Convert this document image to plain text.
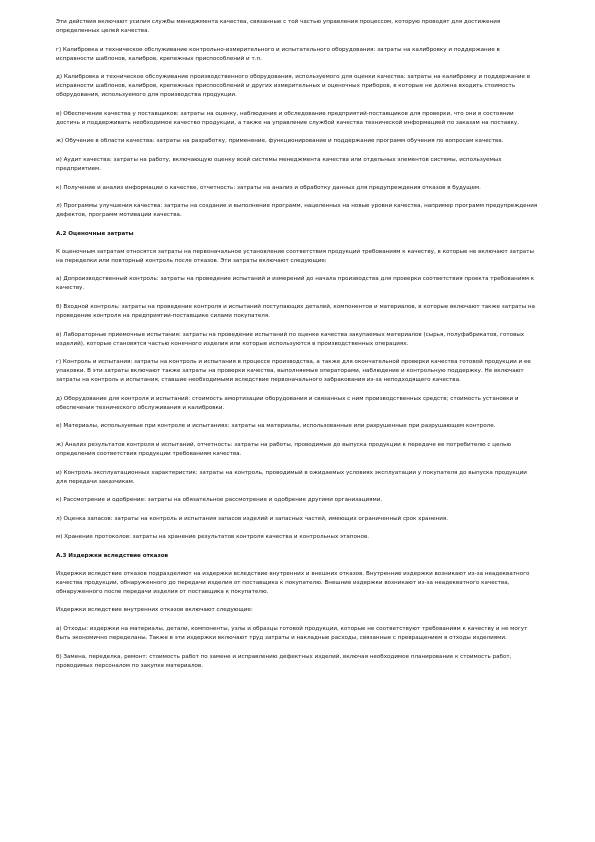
Эти действия включают усилия службы менеджмента качества, связанные с той частью управления процессом, которую проводят для достижения определенных целей качества.

г) Калибровка и техническое обслуживание контрольно-измерительного и испытательного оборудования: затраты на калибровку и поддержание в исправности шаблонов, калибров, крепежных приспособлений и т.п.

д) Калибровка и техническое обслуживание производственного оборудования, используемого для оценки качества: затраты на калибровку и поддержание в исправности шаблонов, калибров, крепежных приспособлений и других измерительных и оценочных приборов, в которые не должна входить стоимость оборудования, используемого для производства продукции.

е) Обеспечение качества у поставщиков: затраты на оценку, наблюдение и обследование предприятий-поставщиков для проверки, что они в состоянии достичь и поддерживать необходимое качество продукции, а также на управление службой качества технической информацией по заказам на поставку.

ж) Обучение в области качества: затраты на разработку, применение, функционирование и поддержание программ обучения по вопросам качества.

и) Аудит качества: затраты на работу, включающую оценку всей системы менеджмента качества или отдельных элементов системы, используемых предприятием.

к) Получение и анализ информации о качестве, отчетность: затраты на анализ и обработку данных для предупреждения отказов в будущем.

л) Программы улучшения качества: затраты на создание и выполнение программ, нацеленных на новые уровни качества, например программ предупреждения дефектов, программ мотивации качества.

А.2 Оценочные затраты

К оценочным затратам относятся затраты на первоначальное установление соответствия продукции требованиям к качеству, в которые не включают затраты на переделки или повторный контроль после отказов. Эти затраты включают следующие:

а) Допроизводственный контроль: затраты на проведение испытаний и измерений до начала производства для проверки соответствия проекта требованиям к качеству.

б) Входной контроль: затраты на проведение контроля и испытаний поступающих деталей, компонентов и материалов, в которые включают также затраты на проведение контроля на предприятии-поставщике силами покупателя.

в) Лабораторные приемочные испытания: затраты на проведение испытаний по оценке качества закупаемых материалов (сырья, полуфабрикатов, готовых изделий), которые становятся частью конечного изделия или которые используются в производственных операциях.

г) Контроль и испытания: затраты на контроль и испытания в процессе производства, а также для окончательной проверки качества готовой продукции и ее упаковки. В эти затраты включают также затраты на проверки качества, выполняемые операторами, наблюдение и контрольную поддержку. Не включают затраты на контроль и испытания, ставшие необходимыми вследствие первоначального забракования из-за неподходящего качества.

д) Оборудование для контроля и испытаний: стоимость амортизации оборудования и связанных с ним производственных средств; стоимость установки и обеспечения технического обслуживания и калибровки.

е) Материалы, используемые при контроле и испытаниях: затраты на материалы, использованные или разрушенные при разрушающем контроле.

ж) Анализ результатов контроля и испытаний, отчетность: затраты на работы, проводимые до выпуска продукции к передаче ее потребителю с целью определения соответствия продукции требованиям качества.

и) Контроль эксплуатационных характеристик: затраты на контроль, проводимый в ожидаемых условиях эксплуатации у покупателя до выпуска продукции для передачи заказчикам.

к) Рассмотрение и одобрение: затраты на обязательное рассмотрение и одобрение другими организациями.

л) Оценка запасов: затраты на контроль и испытания запасов изделий и запасных частей, имеющих ограниченный срок хранения.

м) Хранение протоколов: затраты на хранение результатов контроля качества и контрольных этапонов.

А.3 Издержки вследствие отказов

Издержки вследствие отказов подразделяют на издержки вследствие внутренних и внешних отказов. Внутренние издержки возникают из-за неадекватного качества продукции, обнаруженного до передачи изделия от поставщика к покупателю. Внешние издержки возникают из-за неадекватного качества, обнаруженного после передачи изделия от поставщика к покупателю.

Издержки вследствие внутренних отказов включают следующие:

а) Отходы: издержки на материалы, детали, компоненты, узлы и образцы готовой продукции, которые не соответствуют требованиям к качеству и не могут быть экономично переделаны. Также в эти издержки включают труд затраты и накладные расходы, связанные с превращением в отходы изделиями.

б) Замена, переделка, ремонт: стоимость работ по замене и исправлению дефектных изделий, включая необходимое планирование к стоимость работ, проводимых персоналом по закупке материалов.
